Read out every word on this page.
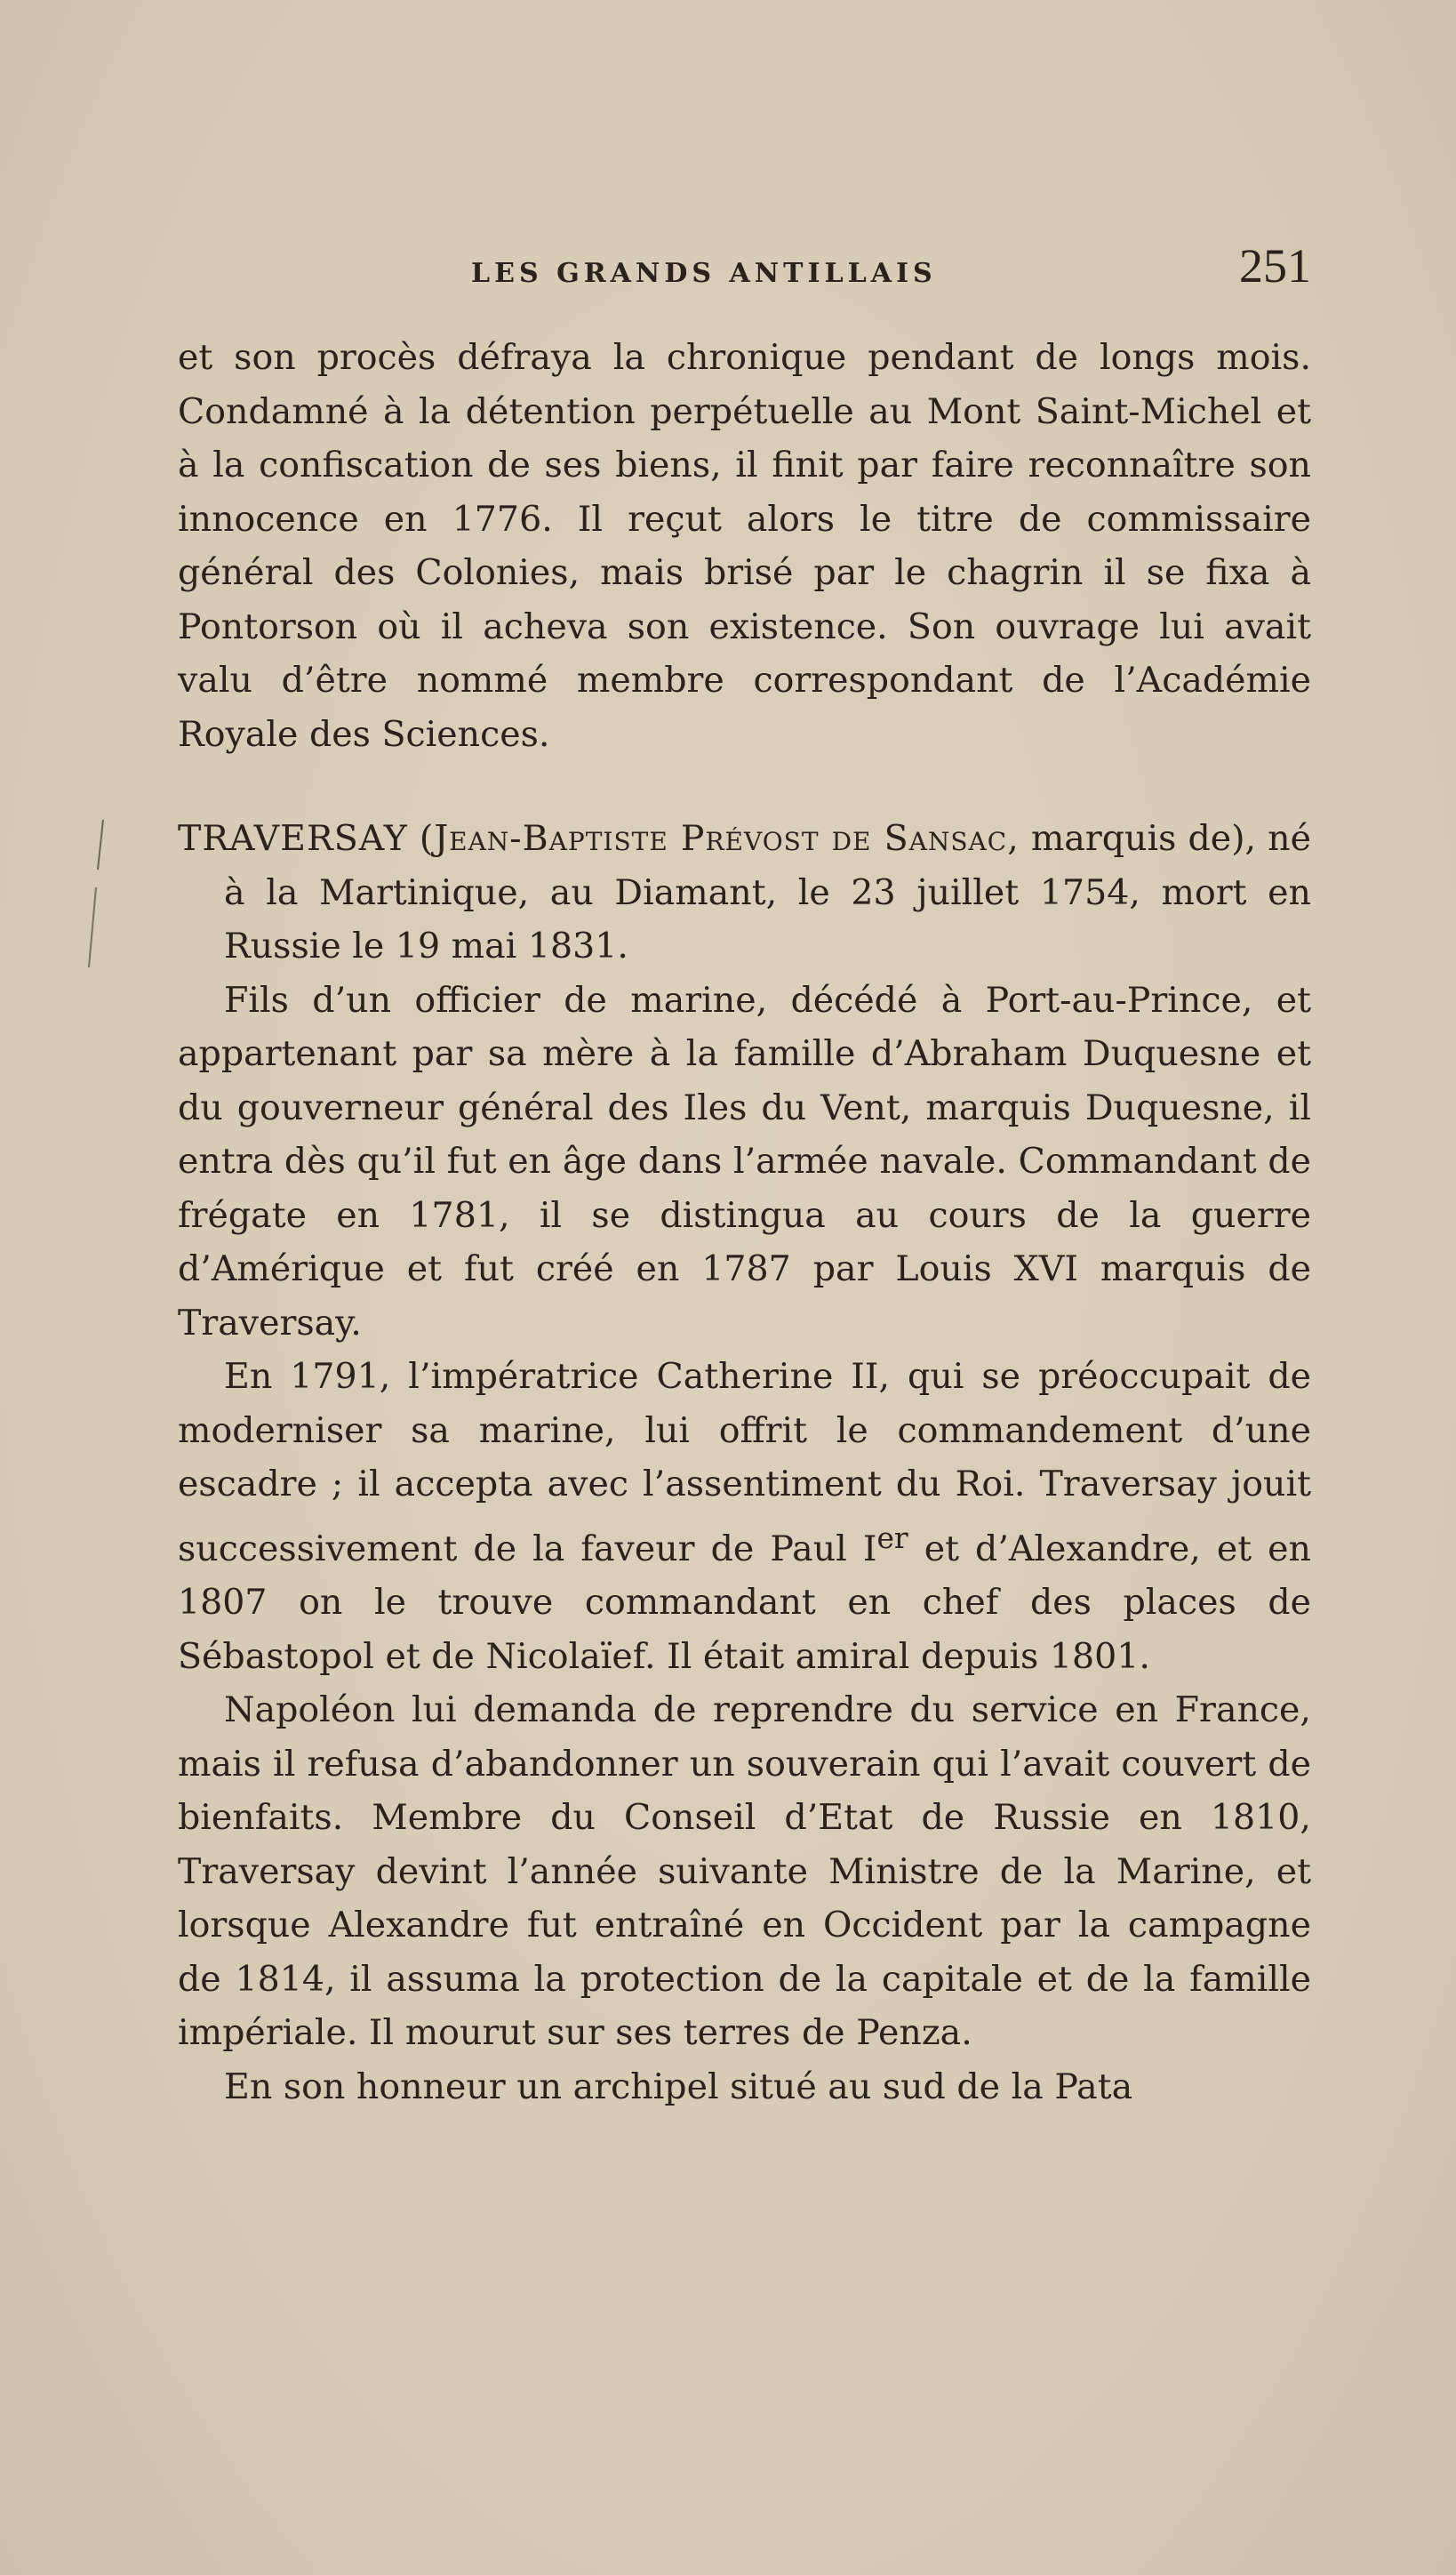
LES GRANDS ANTILLAIS	251

et son procès défraya la chronique pendant de longs mois. Condamné à la détention perpétuelle au Mont Saint-Michel et à la confiscation de ses biens, il finit par faire reconnaître son innocence en 1776. Il reçut alors le titre de commissaire général des Colonies, mais brisé par le chagrin il se fixa à Pontorson où il acheva son existence. Son ouvrage lui avait valu d’être nommé membre correspondant de l’Académie Royale des Sciences.

TRAVERSAY (Jean-Baptiste Prévost de Sansac, marquis de), né à la Martinique, au Diamant, le 23 juillet 1754, mort en Russie le 19 mai 1831.

Fils d’un officier de marine, décédé à Port-au-Prince, et appartenant par sa mère à la famille d’Abraham Duquesne et du gouverneur général des Iles du Vent, marquis Duquesne, il entra dès qu’il fut en âge dans l’armée navale. Commandant de frégate en 1781, il se distingua au cours de la guerre d’Amérique et fut créé en 1787 par Louis XVI marquis de Traversay.

En 1791, l’impératrice Catherine II, qui se préoccupait de moderniser sa marine, lui offrit le commandement d’une escadre ; il accepta avec l’assentiment du Roi. Traversay jouit successivement de la faveur de Paul Ier et d’Alexandre, et en 1807 on le trouve commandant en chef des places de Sébastopol et de Nicolaïef. Il était amiral depuis 1801.

Napoléon lui demanda de reprendre du service en France, mais il refusa d’abandonner un souverain qui l’avait couvert de bienfaits. Membre du Conseil d’Etat de Russie en 1810, Traversay devint l’année suivante Ministre de la Marine, et lorsque Alexandre fut entraîné en Occident par la campagne de 1814, il assuma la protection de la capitale et de la famille impériale. Il mourut sur ses terres de Penza.

En son honneur un archipel situé au sud de la Pata
